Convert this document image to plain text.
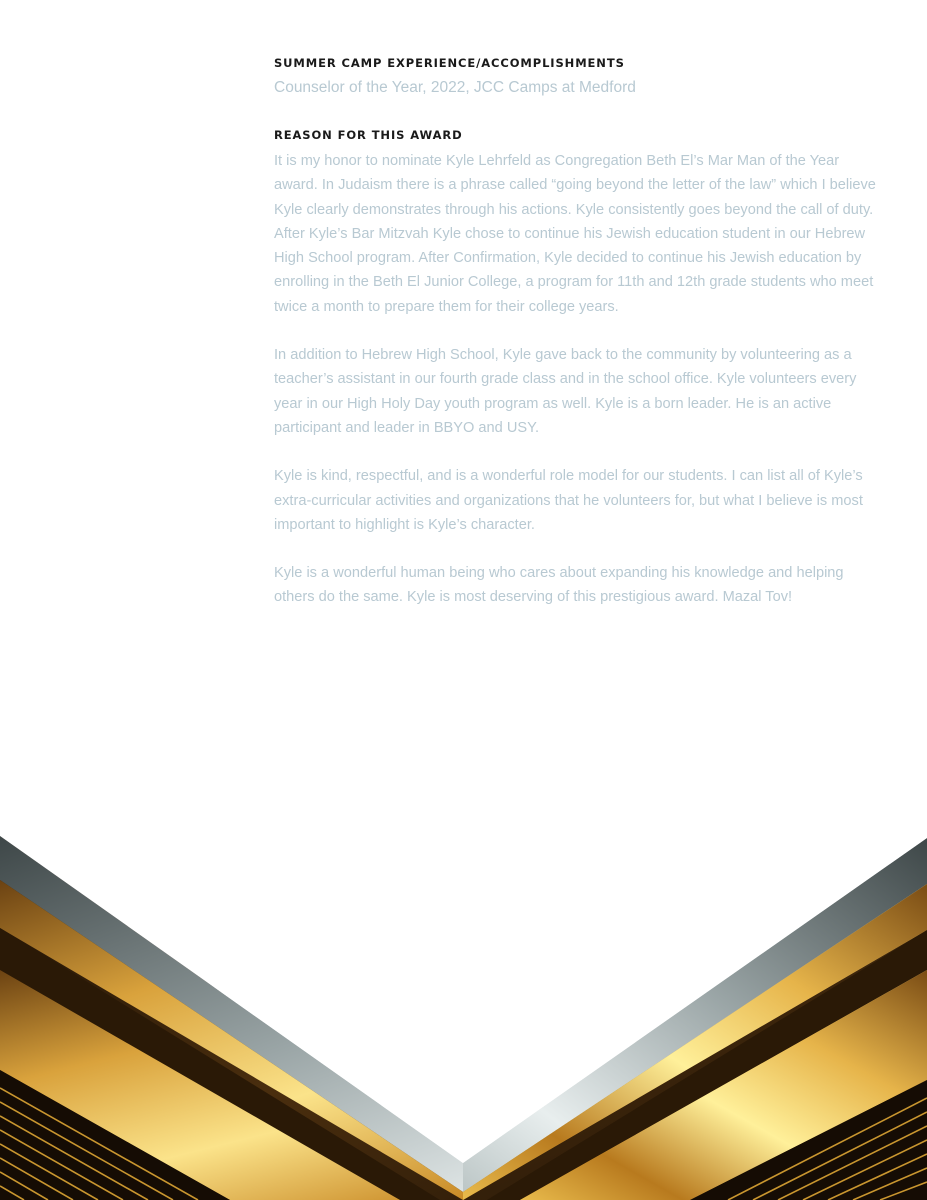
SUMMER CAMP EXPERIENCE/ACCOMPLISHMENTS

Counselor of the Year, 2022, JCC Camps at Medford

REASON FOR THIS AWARD

It is my honor to nominate Kyle Lehrfeld as Congregation Beth El’s Mar Man of the Year award. In Judaism there is a phrase called “going beyond the letter of the law” which I believe Kyle clearly demonstrates through his actions. Kyle consistently goes beyond the call of duty. After Kyle’s Bar Mitzvah Kyle chose to continue his Jewish education student in our Hebrew High School program. After Confirmation, Kyle decided to continue his Jewish education by enrolling in the Beth El Junior College, a program for 11th and 12th grade students who meet twice a month to prepare them for their college years.

In addition to Hebrew High School, Kyle gave back to the community by volunteering as a teacher’s assistant in our fourth grade class and in the school office. Kyle volunteers every year in our High Holy Day youth program as well. Kyle is a born leader. He is an active participant and leader in BBYO and USY.

Kyle is kind, respectful, and is a wonderful role model for our students. I can list all of Kyle’s extra-curricular activities and organizations that he volunteers for, but what I believe is most important to highlight is Kyle’s character.

Kyle is a wonderful human being who cares about expanding his knowledge and helping others do the same. Kyle is most deserving of this prestigious award. Mazal Tov!
